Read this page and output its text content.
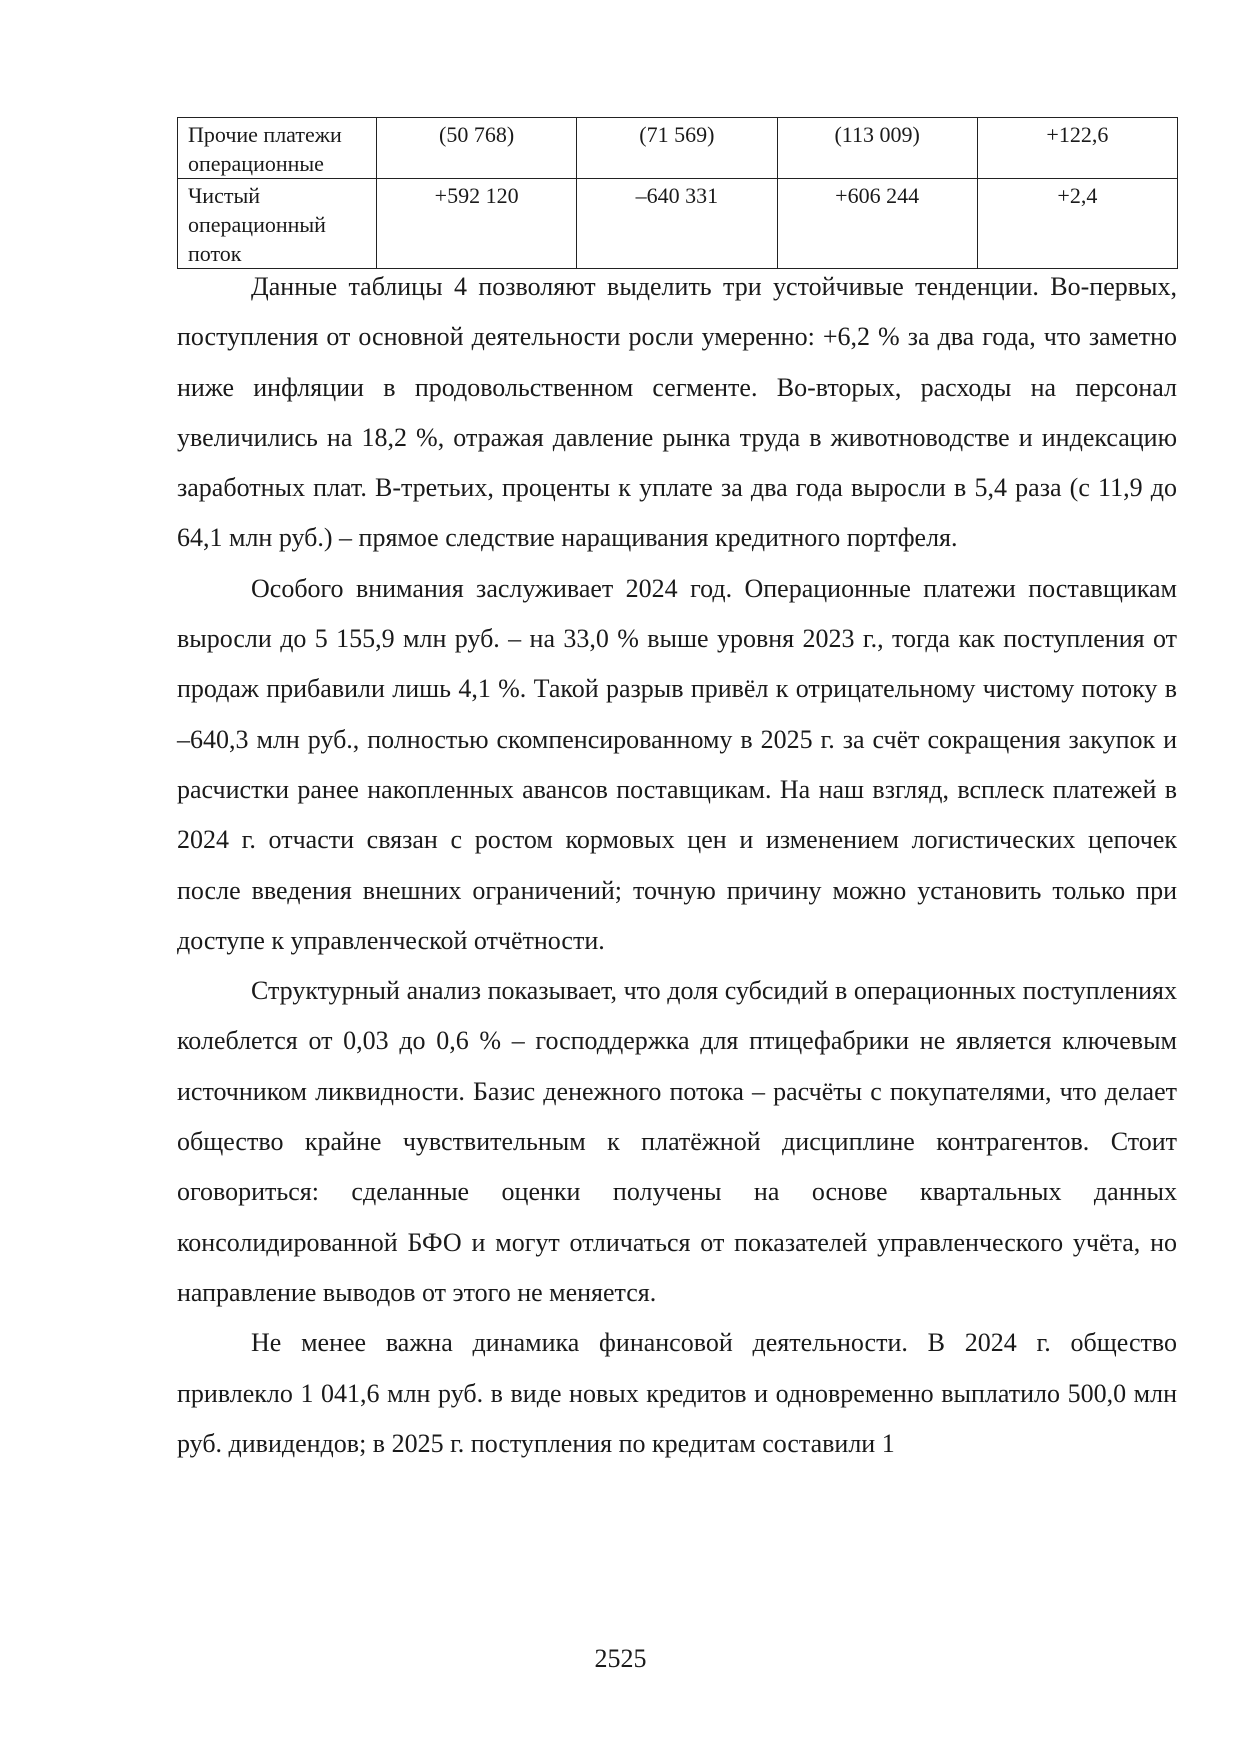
Прочие платежи операционные	(50 768)	(71 569)	(113 009)	+122,6
Чистый операционный поток	+592 120	–640 331	+606 244	+2,4

Данные таблицы 4 позволяют выделить три устойчивые тенденции. Во-первых, поступления от основной деятельности росли умеренно: +6,2 % за два года, что заметно ниже инфляции в продовольственном сегменте. Во-вторых, расходы на персонал увеличились на 18,2 %, отражая давление рынка труда в животноводстве и индексацию заработных плат. В-третьих, проценты к уплате за два года выросли в 5,4 раза (с 11,9 до 64,1 млн руб.) – прямое следствие наращивания кредитного портфеля.

Особого внимания заслуживает 2024 год. Операционные платежи поставщикам выросли до 5 155,9 млн руб. – на 33,0 % выше уровня 2023 г., тогда как поступления от продаж прибавили лишь 4,1 %. Такой разрыв привёл к отрицательному чистому потоку в –640,3 млн руб., полностью скомпенсированному в 2025 г. за счёт сокращения закупок и расчистки ранее накопленных авансов поставщикам. На наш взгляд, всплеск платежей в 2024 г. отчасти связан с ростом кормовых цен и изменением логистических цепочек после введения внешних ограничений; точную причину можно установить только при доступе к управленческой отчётности.

Структурный анализ показывает, что доля субсидий в операционных поступлениях колеблется от 0,03 до 0,6 % – господдержка для птицефабрики не является ключевым источником ликвидности. Базис денежного потока – расчёты с покупателями, что делает общество крайне чувствительным к платёжной дисциплине контрагентов. Стоит оговориться: сделанные оценки получены на основе квартальных данных консолидированной БФО и могут отличаться от показателей управленческого учёта, но направление выводов от этого не меняется.

Не менее важна динамика финансовой деятельности. В 2024 г. общество привлекло 1 041,6 млн руб. в виде новых кредитов и одновременно выплатило 500,0 млн руб. дивидендов; в 2025 г. поступления по кредитам составили 1

2525
